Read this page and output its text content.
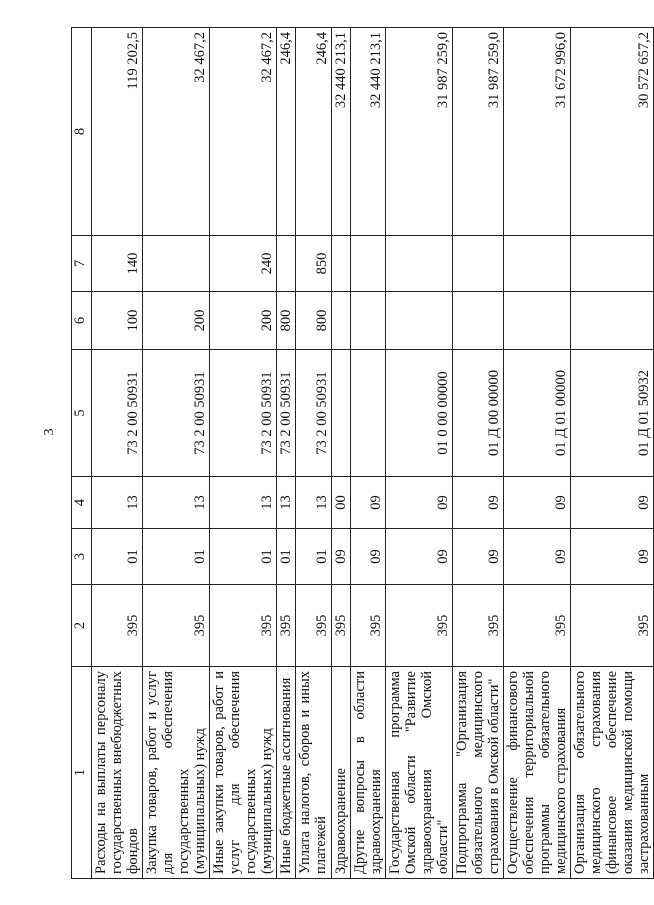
3
1	2	3	4	5	6	7	8
Расходы на выплаты персоналу государственных внебюджетных фондов	395	01	13	73 2 00 50931	100	140	119 202,5
Закупка товаров, работ и услуг для обеспечения государственных (муниципальных) нужд	395	01	13	73 2 00 50931	200		32 467,2
Иные закупки товаров, работ и услуг для обеспечения государственных (муниципальных) нужд	395	01	13	73 2 00 50931	200	240	32 467,2
Иные бюджетные ассигнования	395	01	13	73 2 00 50931	800		246,4
Уплата налогов, сборов и иных платежей	395	01	13	73 2 00 50931	800	850	246,4
Здравоохранение	395	09	00				32 440 213,1
Другие вопросы в области здравоохранения	395	09	09				32 440 213,1
Государственная программа Омской области "Развитие здравоохранения Омской области"	395	09	09	01 0 00 00000			31 987 259,0
Подпрограмма "Организация обязательного медицинского страхования в Омской области"	395	09	09	01 Д 00 00000			31 987 259,0
Осуществление финансового обеспечения территориальной программы обязательного медицинского страхования	395	09	09	01 Д 01 00000			31 672 996,0
Организация обязательного медицинского страхования (финансовое обеспечение оказания медицинской помощи застрахованным	395	09	09	01 Д 01 50932			30 572 657,2
